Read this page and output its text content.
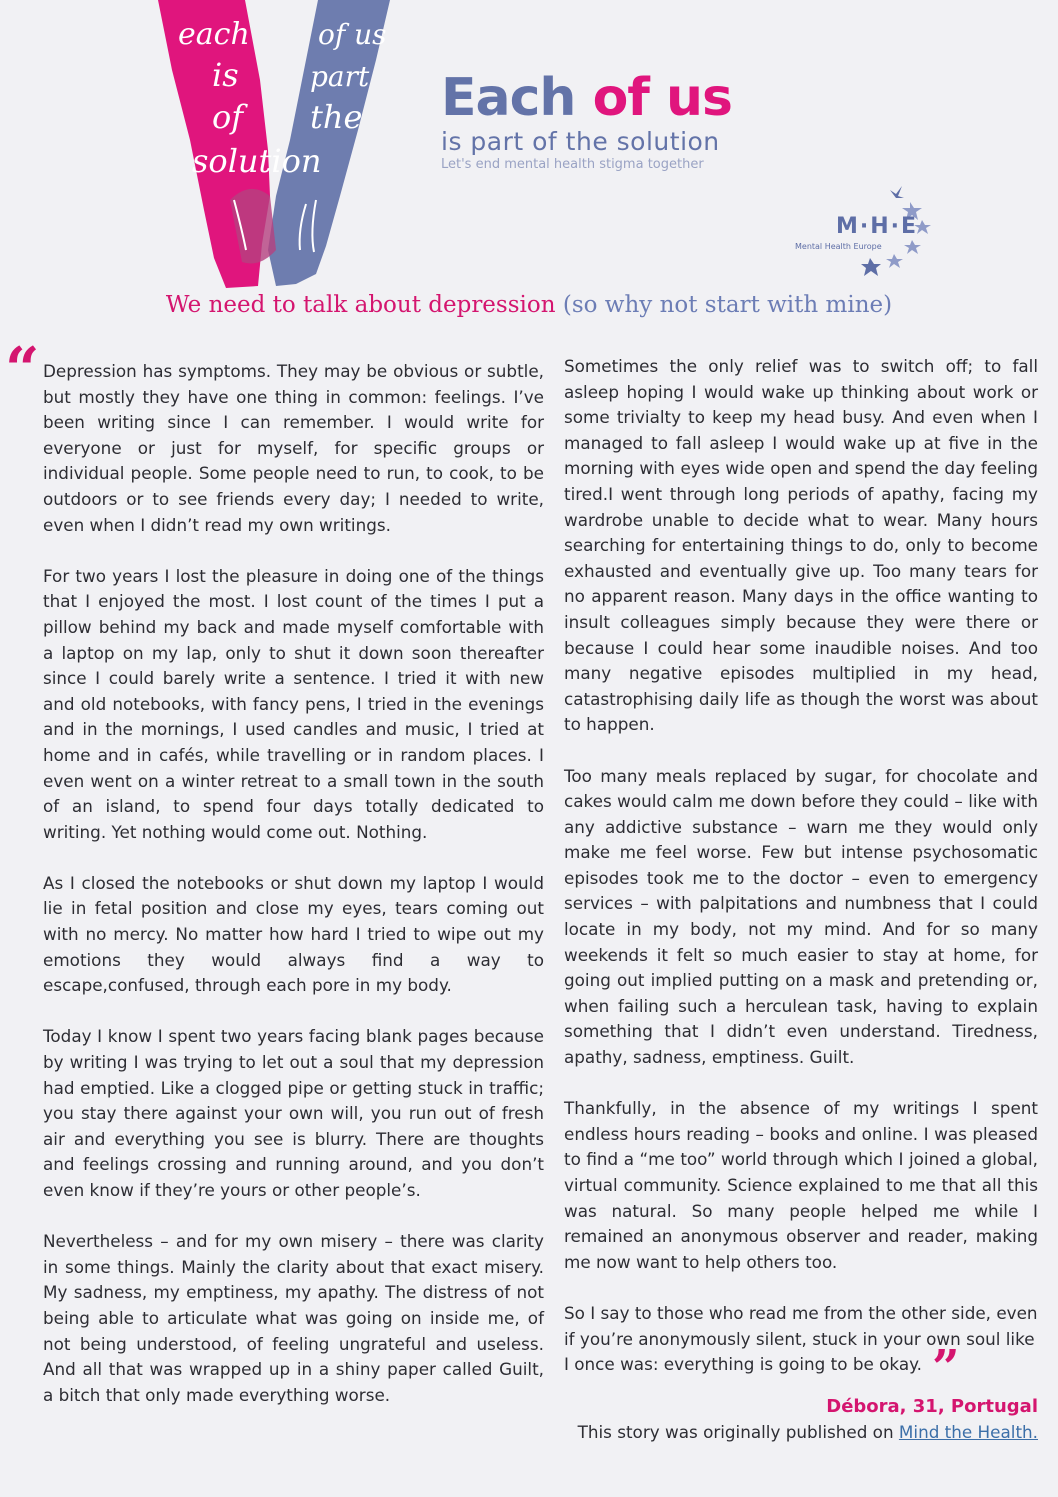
each
is
of
solution
of us
part
the Each of us
is part of the solution
Let's end mental health stigma together
M·H·E
Mental Health Europe
We need to talk about depression (so why not start with mine)
“ Depression has symptoms. They may be obvious or subtle, but mostly they have one thing in common: feelings. I’ve been writing since I can remember. I would write for everyone or just for myself, for specific groups or individual people. Some people need to run, to cook, to be outdoors or to see friends every day; I needed to write, even when I didn’t read my own writings.

For two years I lost the pleasure in doing one of the things that I enjoyed the most. I lost count of the times I put a pillow behind my back and made myself comfortable with a laptop on my lap, only to shut it down soon thereafter since I could barely write a sentence. I tried it with new and old notebooks, with fancy pens, I tried in the evenings and in the mornings, I used candles and music, I tried at home and in cafés, while travelling or in random places. I even went on a winter retreat to a small town in the south of an island, to spend four days totally dedicated to writing. Yet nothing would come out. Nothing.

As I closed the notebooks or shut down my laptop I would lie in fetal position and close my eyes, tears coming out with no mercy. No matter how hard I tried to wipe out my emotions they would always find a way to escape,confused, through each pore in my body.

Today I know I spent two years facing blank pages because by writing I was trying to let out a soul that my depression had emptied. Like a clogged pipe or getting stuck in traffic; you stay there against your own will, you run out of fresh air and everything you see is blurry. There are thoughts and feelings crossing and running around, and you don’t even know if they’re yours or other people’s.

Nevertheless – and for my own misery – there was clarity in some things. Mainly the clarity about that exact misery. My sadness, my emptiness, my apathy. The distress of not being able to articulate what was going on inside me, of not being understood, of feeling ungrateful and useless. And all that was wrapped up in a shiny paper called Guilt, a bitch that only made everything worse.

Sometimes the only relief was to switch off; to fall asleep hoping I would wake up thinking about work or some trivialty to keep my head busy. And even when I managed to fall asleep I would wake up at five in the morning with eyes wide open and spend the day feeling tired.I went through long periods of apathy, facing my wardrobe unable to decide what to wear. Many hours searching for entertaining things to do, only to become exhausted and eventually give up. Too many tears for no apparent reason. Many days in the office wanting to insult colleagues simply because they were there or because I could hear some inaudible noises. And too many negative episodes multiplied in my head, catastrophising daily life as though the worst was about to happen.

Too many meals replaced by sugar, for chocolate and cakes would calm me down before they could – like with any addictive substance – warn me they would only make me feel worse. Few but intense psychosomatic episodes took me to the doctor – even to emergency services – with palpitations and numbness that I could locate in my body, not my mind. And for so many weekends it felt so much easier to stay at home, for going out implied putting on a mask and pretending or, when failing such a herculean task, having to explain something that I didn’t even understand. Tiredness, apathy, sadness, emptiness. Guilt.

Thankfully, in the absence of my writings I spent endless hours reading – books and online. I was pleased to find a “me too” world through which I joined a global, virtual community. Science explained to me that all this was natural. So many people helped me while I remained an anonymous observer and reader, making me now want to help others too.

So I say to those who read me from the other side, even if you’re anonymously silent, stuck in your own soul like I once was: everything is going to be okay. ”

Débora, 31, Portugal
This story was originally published on Mind the Health.
